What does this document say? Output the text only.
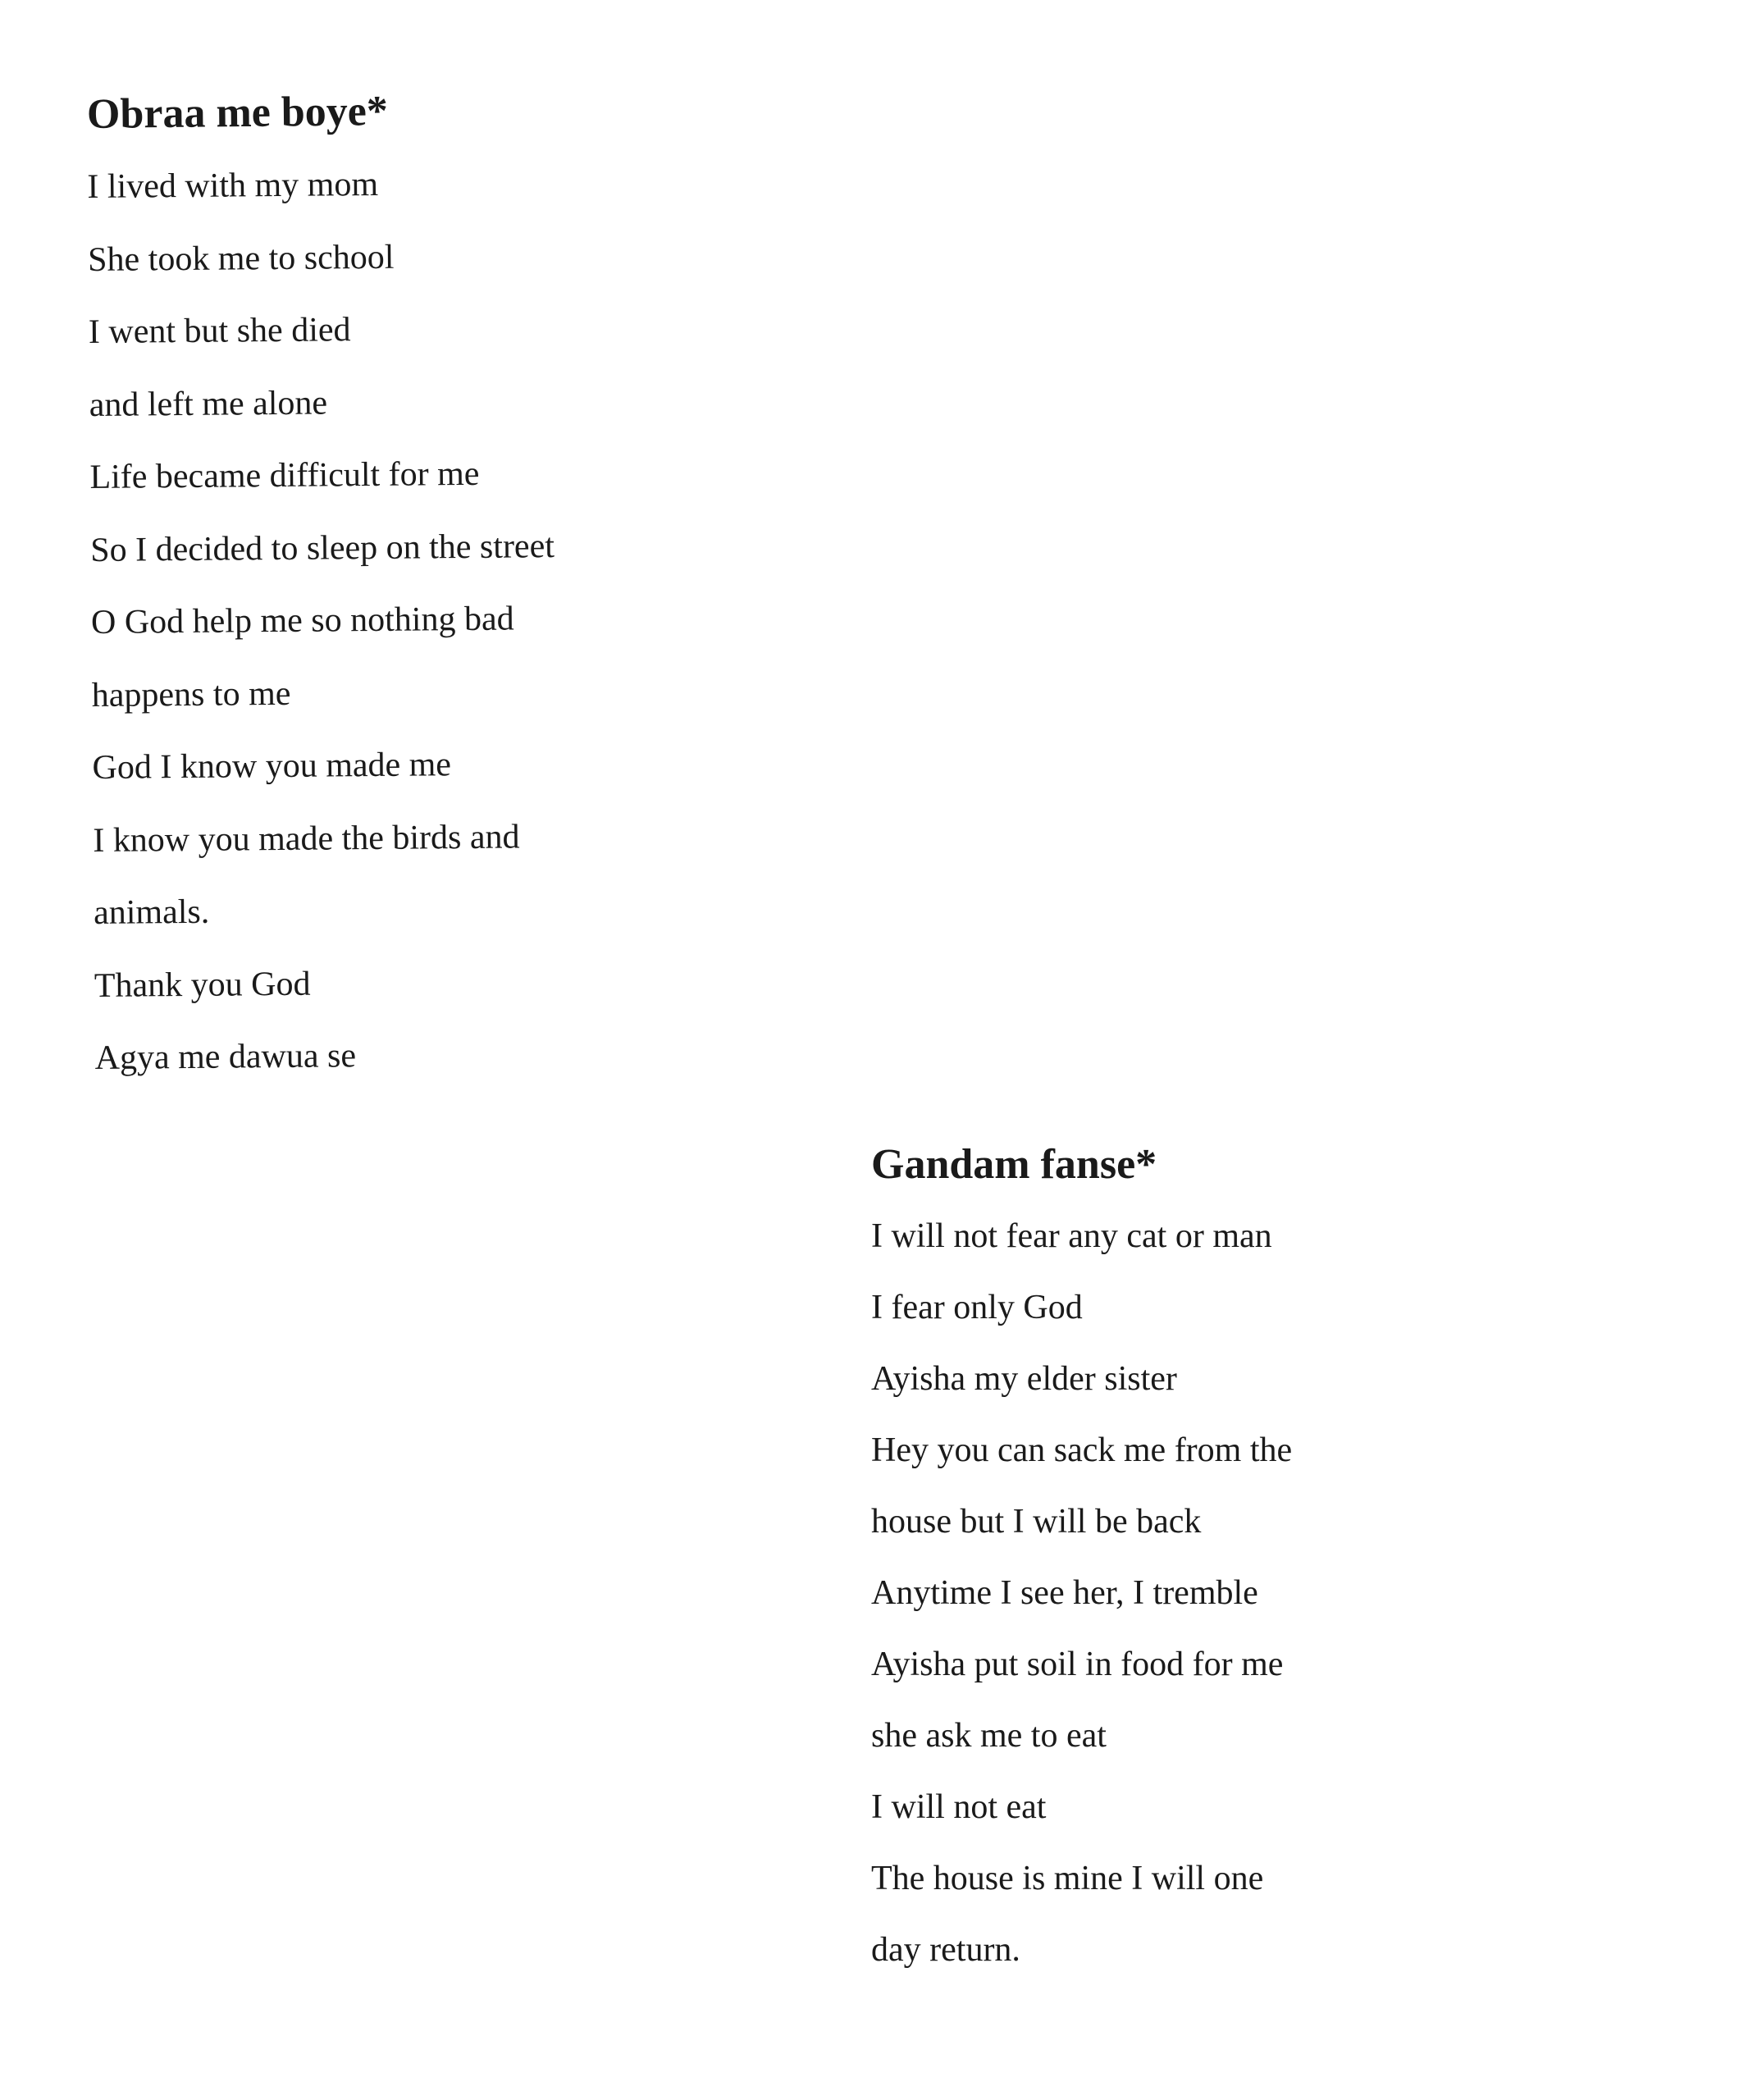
Obraa me boye*
I lived with my mom
She took me to school
I went but she died
and left me alone
Life became difficult for me
So I decided to sleep on the street
O God help me so nothing bad
happens to me
God I know you made me
I know you made the birds and
animals.
Thank you God
Agya me dawua se
Gandam fanse*
I will not fear any cat or man
I fear only God
Ayisha my elder sister
Hey you can sack me from the
house but I will be back
Anytime I see her, I tremble
Ayisha put soil in food for me
she ask me to eat
I will not eat
The house is mine I will one
day return.
